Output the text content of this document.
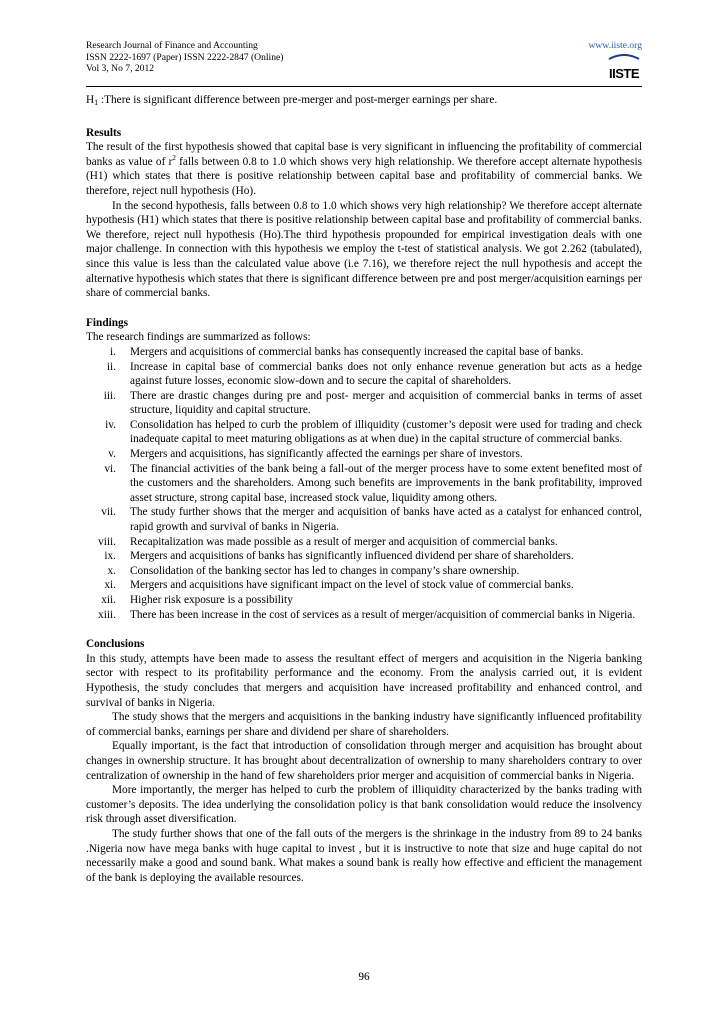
Research Journal of Finance and Accounting
ISSN 2222-1697 (Paper) ISSN 2222-2847 (Online)
Vol 3, No 7, 2012
www.iiste.org
IISTE

$H_1$ :There is significant difference between pre-merger and post-merger earnings per share.

Results

The result of the first hypothesis showed that capital base is very significant in influencing the profitability of commercial banks as value of $r^2$ falls between 0.8 to 1.0 which shows very high relationship. We therefore accept alternate hypothesis (H1) which states that there is positive relationship between capital base and profitability of commercial banks. We therefore, reject null hypothesis (Ho).

In the second hypothesis, falls between 0.8 to 1.0 which shows very high relationship? We therefore accept alternate hypothesis (H1) which states that there is positive relationship between capital base and profitability of commercial banks. We therefore, reject null hypothesis (Ho).The third hypothesis propounded for empirical investigation deals with one major challenge. In connection with this hypothesis we employ the t-test of statistical analysis. We got 2.262 (tabulated), since this value is less than the calculated value above (i.e 7.16), we therefore reject the null hypothesis and accept the alternative hypothesis which states that there is significant difference between pre and post merger/acquisition earnings per share of commercial banks.

Findings

The research findings are summarized as follows:

i. Mergers and acquisitions of commercial banks has consequently increased the capital base of banks.
ii. Increase in capital base of commercial banks does not only enhance revenue generation but acts as a hedge against future losses, economic slow-down and to secure the capital of shareholders.
iii. There are drastic changes during pre and post- merger and acquisition of commercial banks in terms of asset structure, liquidity and capital structure.
iv. Consolidation has helped to curb the problem of illiquidity (customer’s deposit were used for trading and check inadequate capital to meet maturing obligations as at when due) in the capital structure of commercial banks.
v. Mergers and acquisitions, has significantly affected the earnings per share of investors.
vi. The financial activities of the bank being a fall-out of the merger process have to some extent benefited most of the customers and the shareholders. Among such benefits are improvements in the bank profitability, improved asset structure, strong capital base, increased stock value, liquidity among others.
vii. The study further shows that the merger and acquisition of banks have acted as a catalyst for enhanced control, rapid growth and survival of banks in Nigeria.
viii. Recapitalization was made possible as a result of merger and acquisition of commercial banks.
ix. Mergers and acquisitions of banks has significantly influenced dividend per share of shareholders.
x. Consolidation of the banking sector has led to changes in company’s share ownership.
xi. Mergers and acquisitions have significant impact on the level of stock value of commercial banks.
xii. Higher risk exposure is a possibility
xiii. There has been increase in the cost of services as a result of merger/acquisition of commercial banks in Nigeria.
Conclusions

In this study, attempts have been made to assess the resultant effect of mergers and acquisition in the Nigeria banking sector with respect to its profitability performance and the economy. From the analysis carried out, it is evident Hypothesis, the study concludes that mergers and acquisition have increased profitability and enhanced control, and survival of banks in Nigeria.

The study shows that the mergers and acquisitions in the banking industry have significantly influenced profitability of commercial banks, earnings per share and dividend per share of shareholders.

Equally important, is the fact that introduction of consolidation through merger and acquisition has brought about changes in ownership structure. It has brought about decentralization of ownership to many shareholders contrary to over centralization of ownership in the hand of few shareholders prior merger and acquisition of commercial banks in Nigeria.

More importantly, the merger has helped to curb the problem of illiquidity characterized by the banks trading with customer’s deposits. The idea underlying the consolidation policy is that bank consolidation would reduce the insolvency risk through asset diversification.

The study further shows that one of the fall outs of the mergers is the shrinkage in the industry from 89 to 24 banks .Nigeria now have mega banks with huge capital to invest , but it is instructive to note that size and huge capital do not necessarily make a good and sound bank. What makes a sound bank is really how effective and efficient the management of the bank is deploying the available resources.

96
